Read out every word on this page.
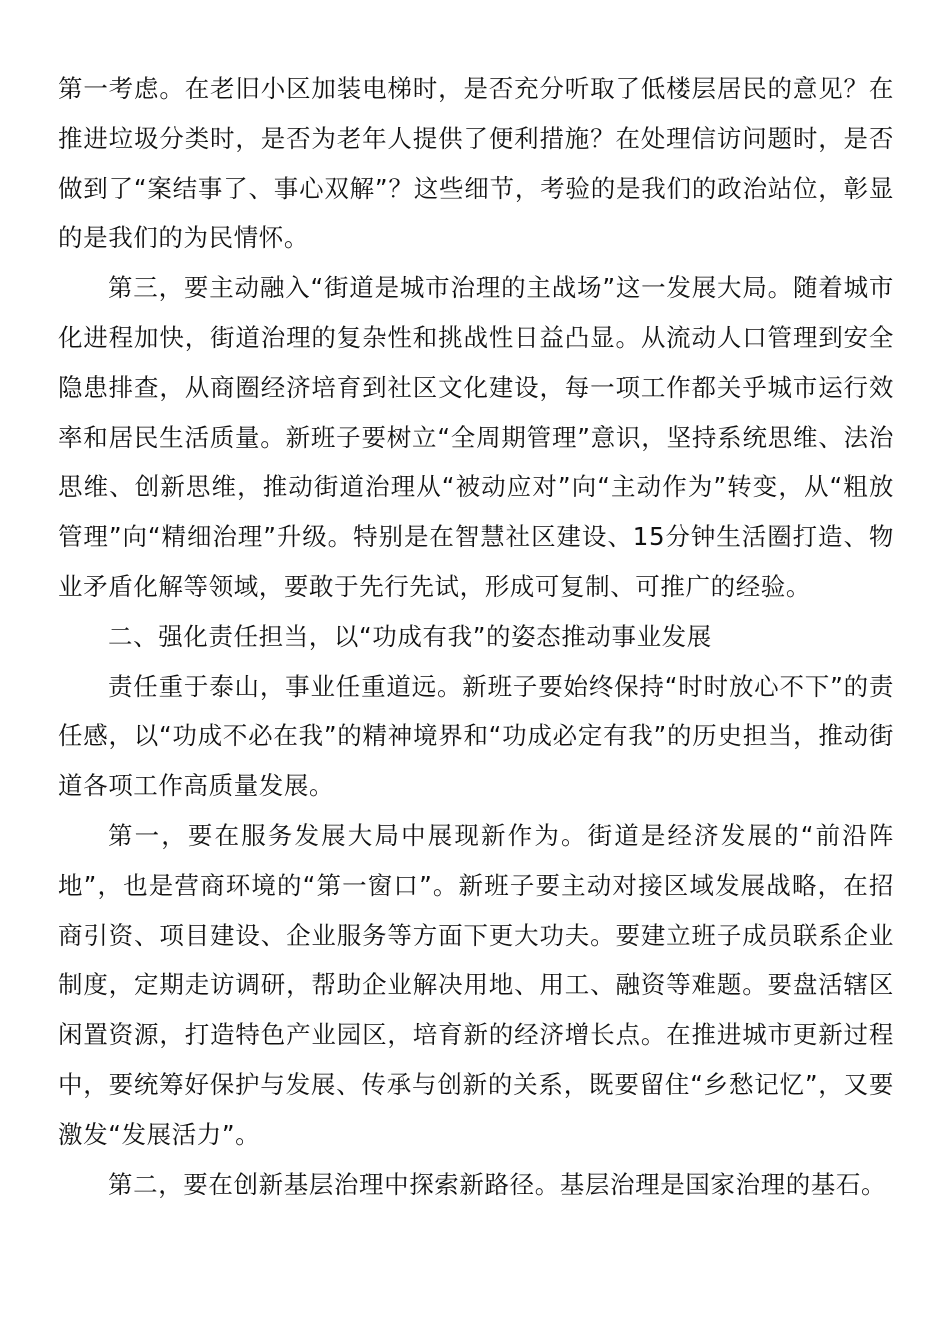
第一考虑。在老旧小区加装电梯时，是否充分听取了低楼层居民的意见？在推进垃圾分类时，是否为老年人提供了便利措施？在处理信访问题时，是否做到了“案结事了、事心双解”？这些细节，考验的是我们的政治站位，彰显的是我们的为民情怀。

第三，要主动融入“街道是城市治理的主战场”这一发展大局。随着城市化进程加快，街道治理的复杂性和挑战性日益凸显。从流动人口管理到安全隐患排查，从商圈经济培育到社区文化建设，每一项工作都关乎城市运行效率和居民生活质量。新班子要树立“全周期管理”意识，坚持系统思维、法治思维、创新思维，推动街道治理从“被动应对”向“主动作为”转变，从“粗放管理”向“精细治理”升级。特别是在智慧社区建设、15分钟生活圈打造、物业矛盾化解等领域，要敢于先行先试，形成可复制、可推广的经验。

二、强化责任担当，以“功成有我”的姿态推动事业发展

责任重于泰山，事业任重道远。新班子要始终保持“时时放心不下”的责任感，以“功成不必在我”的精神境界和“功成必定有我”的历史担当，推动街道各项工作高质量发展。

第一，要在服务发展大局中展现新作为。街道是经济发展的“前沿阵地”，也是营商环境的“第一窗口”。新班子要主动对接区域发展战略，在招商引资、项目建设、企业服务等方面下更大功夫。要建立班子成员联系企业制度，定期走访调研，帮助企业解决用地、用工、融资等难题。要盘活辖区闲置资源，打造特色产业园区，培育新的经济增长点。在推进城市更新过程中，要统筹好保护与发展、传承与创新的关系，既要留住“乡愁记忆”，又要激发“发展活力”。

第二，要在创新基层治理中探索新路径。基层治理是国家治理的基石。
